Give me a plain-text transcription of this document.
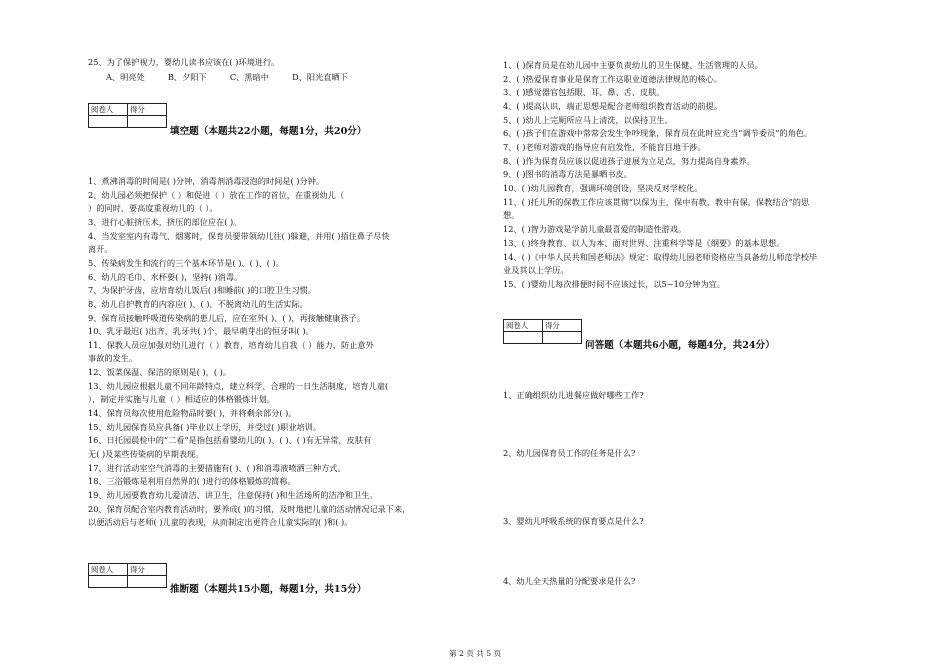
25、为了保护视力，婴幼儿读书应该在( )环境进行。
A、明亮处	B、夕阳下	C、黑暗中	D、阳光直晒下
阅卷人	得分

填空题（本题共22小题，每题1分，共20分）
1、煮沸消毒的时间是( )分钟，消毒剂消毒浸泡的时间是( )分钟。
2、幼儿园必须把保护（ ）和促进（ ）放在工作的首位，在重视幼儿（
）的同时，要高度重视幼儿的（ ）。
3、进行心脏挤压术，挤压的部位应在( )。
4、当发室室内有毒气、烟雾时，保育员要带领幼儿往( )躲避，并用( )捂住鼻子尽快
离开。
5、传染病发生和流行的三个基本环节是( )、( )、( )。
6、幼儿的毛巾、水杯要( )，坚持( )消毒。
7、为保护牙齿，应培育幼儿饭后( )和睡前( )的口腔卫生习惯。
8、幼儿自护教育的内容应( )、( )，不脱离幼儿的生活实际。
9、保育员接触呼吸道传染病的患儿后，应在室外( )、( )，再接触健康孩子。
10、乳牙最迟( )出齐，乳牙共( )个，最早萌芽出的恒牙叫( )。
11、保教人员应加强对幼儿进行（ ）教育，培育幼儿自我（ ）能力，防止意外
事故的发生。
12、饭菜保温、保洁的原则是( )，( )。
13、幼儿园应根据儿童不同年龄特点，建立科学、合理的一日生活制度，培育儿童(
），制定并实施与儿童（ ）相适应的体格锻炼计划。
14、保育员每次使用危险物品时要( )，并将剩余部分( )。
15、幼儿园保育员应具备( )毕业以上学历，并受过( )职业培训。
16、日托园晨检中的“二看”是指包括看婴幼儿的( )、( )、( )有无异常，皮肤有
无( )及某些传染病的早期表现。
17、进行活动室空气消毒的主要措施有( )、( )和消毒液喷洒三种方式。
18、三浴锻炼是利用自然界的( )进行的体格锻炼的简称。
19、幼儿园要教育幼儿爱清洁、讲卫生，注意保持( )和生活场所的洁净和卫生。
20、保育员配合室内教育活动时，要养成( )的习惯，及时地把儿童的活动情况记录下来，
以便活动后与老师( )儿童的表现，从而制定出更符合儿童实际的( )和( )。
阅卷人	得分

推断题（本题共15小题，每题1分，共15分）
1、( )保育员是在幼儿园中主要负责幼儿的卫生保健、生活管理的人员。
2、( )热爱保育事业是保育工作这职业道德法律规范的核心。
3、( )感觉器官包括眼、耳、鼻、舌、皮肤。
4、( )提高认识，端正思想是配合老师组织教育活动的前提。
5、( )幼儿上完厕所应马上清洗，以保持卫生。
6、( )孩子们在游戏中常常会发生争吵现象，保育员在此时应充当“调节委员”的角色。
7、( )老师对游戏的指导应有启发性，不能盲目地干涉。
8、( )作为保育员应该以促进孩子进展为立足点，努力提高自身素养。
9、( )图书的消毒方法是暴晒书皮。
10、( )幼儿园教育，强调环境创设，坚决反对学校化。
11、( )托儿所的保教工作应该贯彻“以保为主，保中有教，教中有保，保教结合”的思
想。
12、( )智力游戏是学前儿童最喜爱的制造性游戏。
13、( )终身教育、以人为本、面对世界、注重科学等是《纲要》的基本思想。
14、( )《中华人民共和国老师法》规定：取得幼儿园老师资格应当具备幼儿师范学校毕
业及其以上学历。
15、( )婴幼儿每次排便时间不应该过长，以5~10分钟为宜。
阅卷人	得分

问答题（本题共6小题，每题4分，共24分）
1、正确组织幼儿进餐应做好哪些工作?
2、幼儿园保育员工作的任务是什么?
3、婴幼儿呼吸系统的保育要点是什么?
4、幼儿全天热量的分配要求是什么?
第 2 页 共 5 页
